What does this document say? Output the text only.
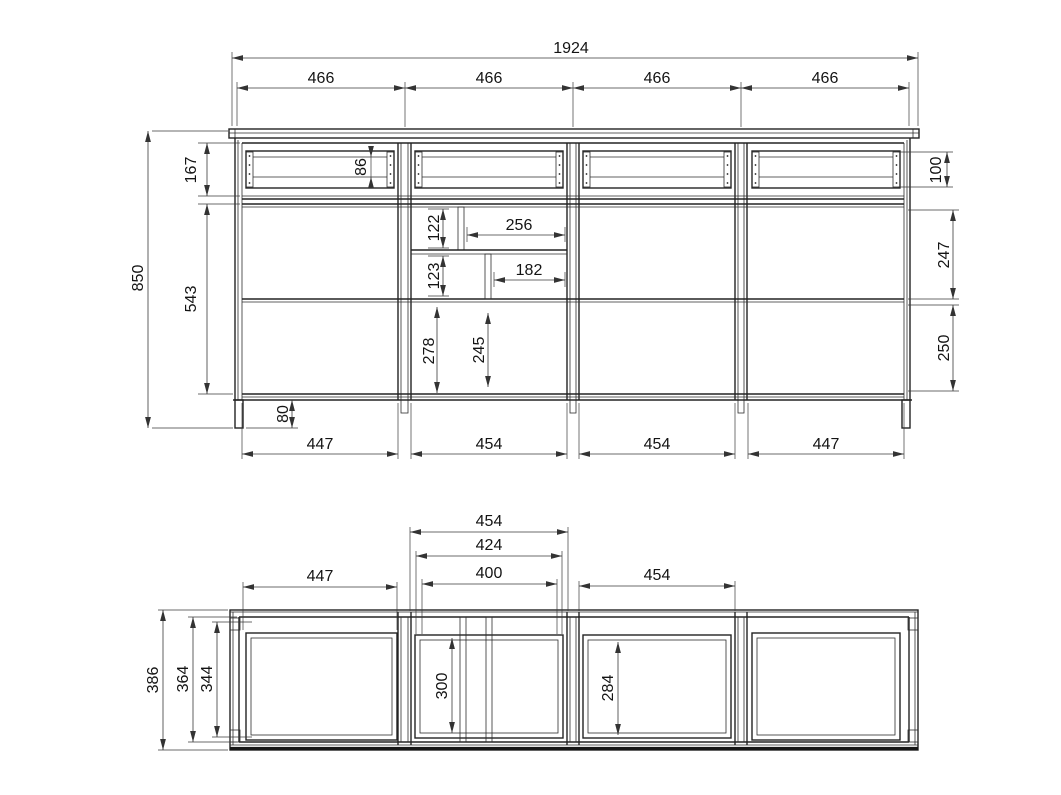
1924
466	466	466	466
850
167
543
100
247
250
86
122	256
123	182
278 245
80
447	454	454	447
454
424
400
447	454
386 364 344	300	284
